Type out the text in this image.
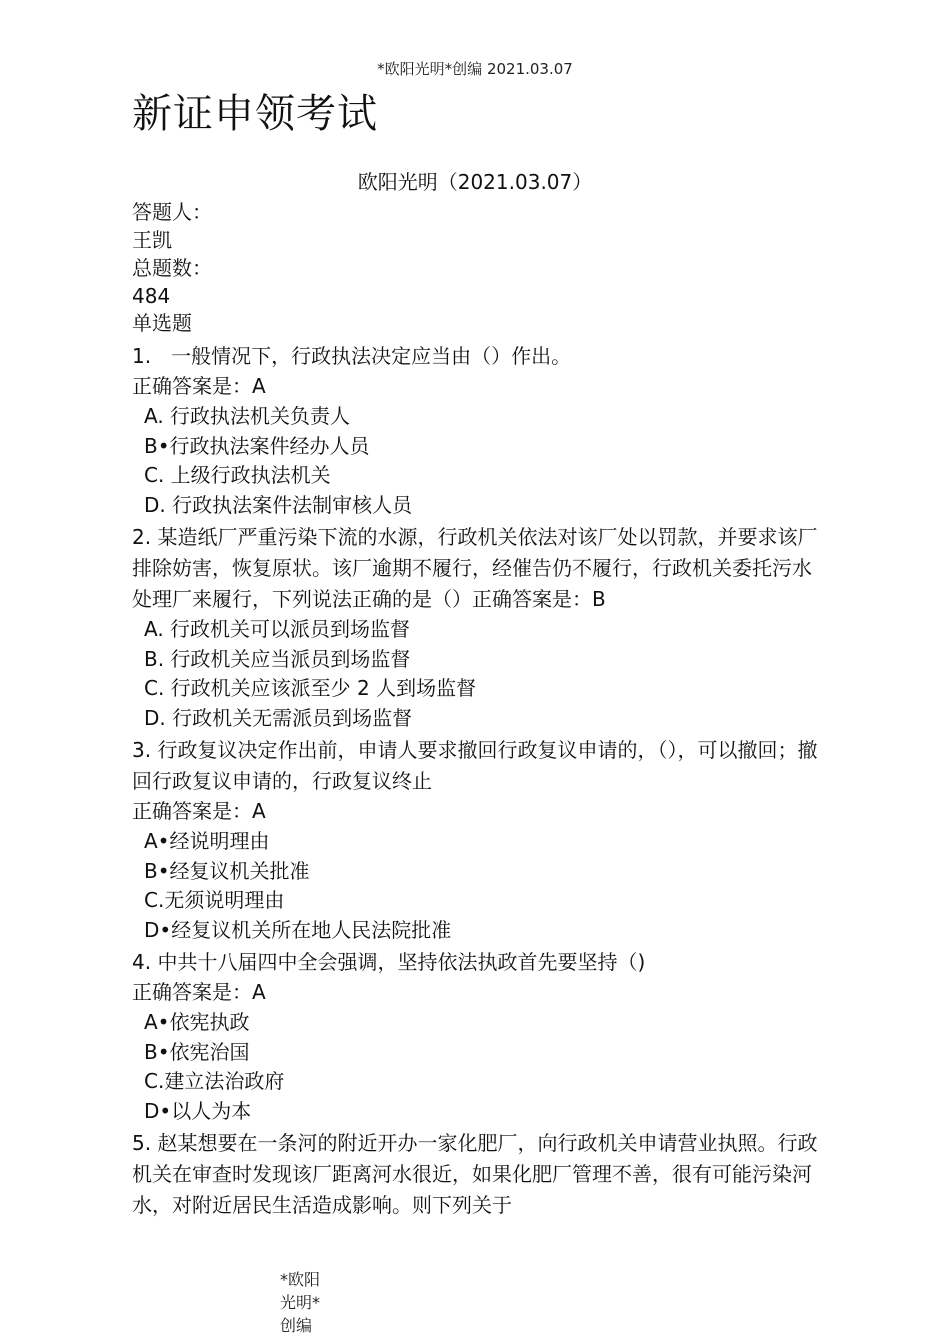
*欧阳光明*创编 2021.03.07
新证申领考试
欧阳光明（2021.03.07）
答题人：
王凯
总题数：
484
单选题
1.　一般情况下，行政执法决定应当由（）作出。
正确答案是：A
A. 行政执法机关负责人
B•行政执法案件经办人员
C. 上级行政执法机关
D. 行政执法案件法制审核人员
2. 某造纸厂严重污染下流的水源，行政机关依法对该厂处以罚款，并要求该厂排除妨害，恢复原状。该厂逾期不履行，经催告仍不履行，行政机关委托污水处理厂来履行，下列说法正确的是（）正确答案是：B
A. 行政机关可以派员到场监督
B. 行政机关应当派员到场监督
C. 行政机关应该派至少 2 人到场监督
D. 行政机关无需派员到场监督
3. 行政复议决定作出前，申请人要求撤回行政复议申请的，（），可以撤回；撤回行政复议申请的，行政复议终止
正确答案是：A
A•经说明理由
B•经复议机关批准
C.无须说明理由
D•经复议机关所在地人民法院批准
4. 中共十八届四中全会强调，坚持依法执政首先要坚持（)
正确答案是：A
A•依宪执政
B•依宪治国
C.建立法治政府
D•以人为本
5. 赵某想要在一条河的附近开办一家化肥厂，向行政机关申请营业执照。行政机关在审查时发现该厂距离河水很近，如果化肥厂管理不善，很有可能污染河水，对附近居民生活造成影响。则下列关于
*欧阳光明*创编
